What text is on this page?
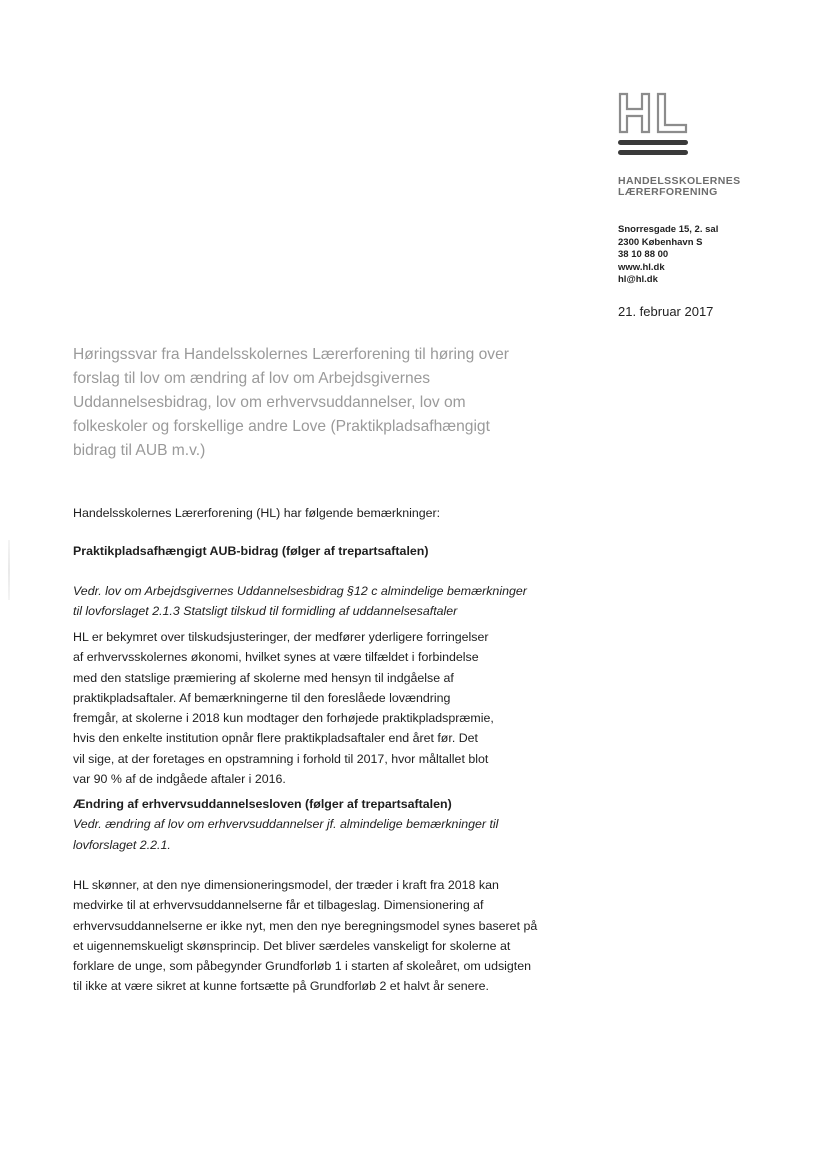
HANDELSSKOLERNES
LÆRERFORENING
Snorresgade 15, 2. sal
2300 København S
38 10 88 00
www.hl.dk
hl@hl.dk
21. februar 2017
Høringssvar fra Handelsskolernes Lærerforening til høring over
forslag til lov om ændring af lov om Arbejdsgivernes
Uddannelsesbidrag, lov om erhvervsuddannelser, lov om
folkeskoler og forskellige andre Love (Praktikpladsafhængigt
bidrag til AUB m.v.)
Handelsskolernes Lærerforening (HL) har følgende bemærkninger:
Praktikpladsafhængigt AUB-bidrag (følger af trepartsaftalen)
Vedr. lov om Arbejdsgivernes Uddannelsesbidrag §12 c almindelige bemærkninger
til lovforslaget 2.1.3 Statsligt tilskud til formidling af uddannelsesaftaler
HL er bekymret over tilskudsjusteringer, der medfører yderligere forringelser
af erhvervsskolernes økonomi, hvilket synes at være tilfældet i forbindelse
med den statslige præmiering af skolerne med hensyn til indgåelse af
praktikpladsaftaler. Af bemærkningerne til den foreslåede lovændring
fremgår, at skolerne i 2018 kun modtager den forhøjede praktikpladspræmie,
hvis den enkelte institution opnår flere praktikpladsaftaler end året før. Det
vil sige, at der foretages en opstramning i forhold til 2017, hvor måltallet blot
var 90 % af de indgåede aftaler i 2016.
Ændring af erhvervsuddannelsesloven (følger af trepartsaftalen)
Vedr. ændring af lov om erhvervsuddannelser jf. almindelige bemærkninger til
lovforslaget 2.2.1.
HL skønner, at den nye dimensioneringsmodel, der træder i kraft fra 2018 kan
medvirke til at erhvervsuddannelserne får et tilbageslag. Dimensionering af
erhvervsuddannelserne er ikke nyt, men den nye beregningsmodel synes baseret på
et uigennemskueligt skønsprincip. Det bliver særdeles vanskeligt for skolerne at
forklare de unge, som påbegynder Grundforløb 1 i starten af skoleåret, om udsigten
til ikke at være sikret at kunne fortsætte på Grundforløb 2 et halvt år senere.
